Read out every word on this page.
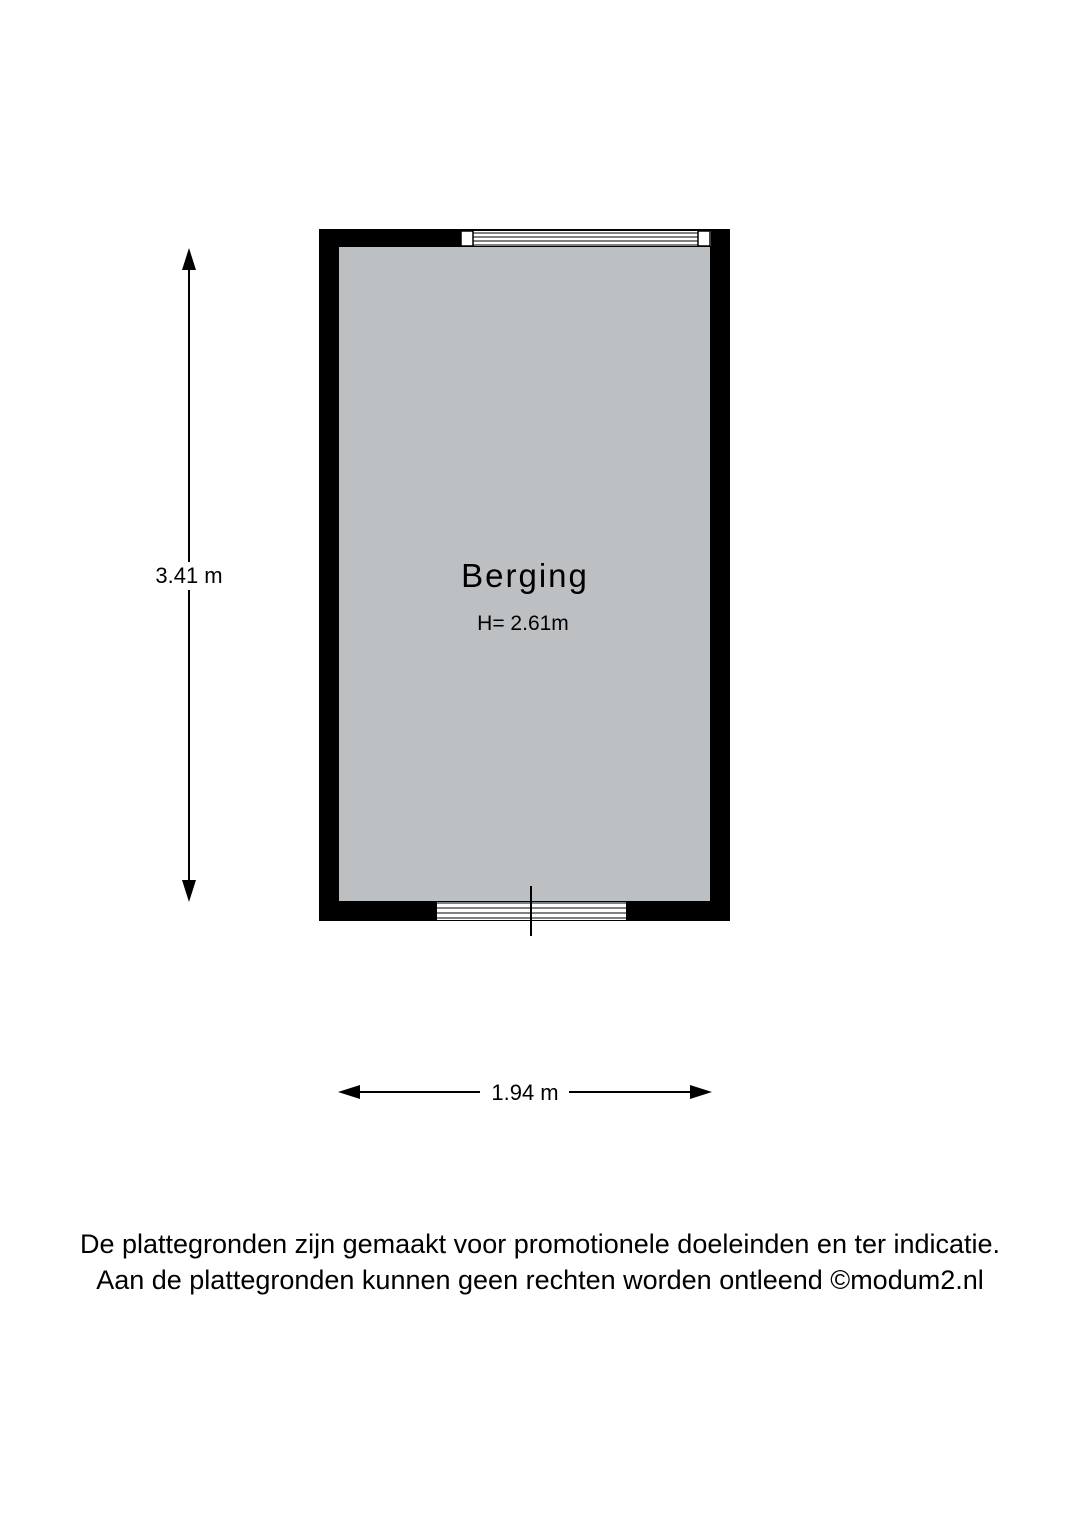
3.41 m
1.94 m
Berging
H= 2.61m
De plattegronden zijn gemaakt voor promotionele doeleinden en ter indicatie.
Aan de plattegronden kunnen geen rechten worden ontleend ©modum2.nl
